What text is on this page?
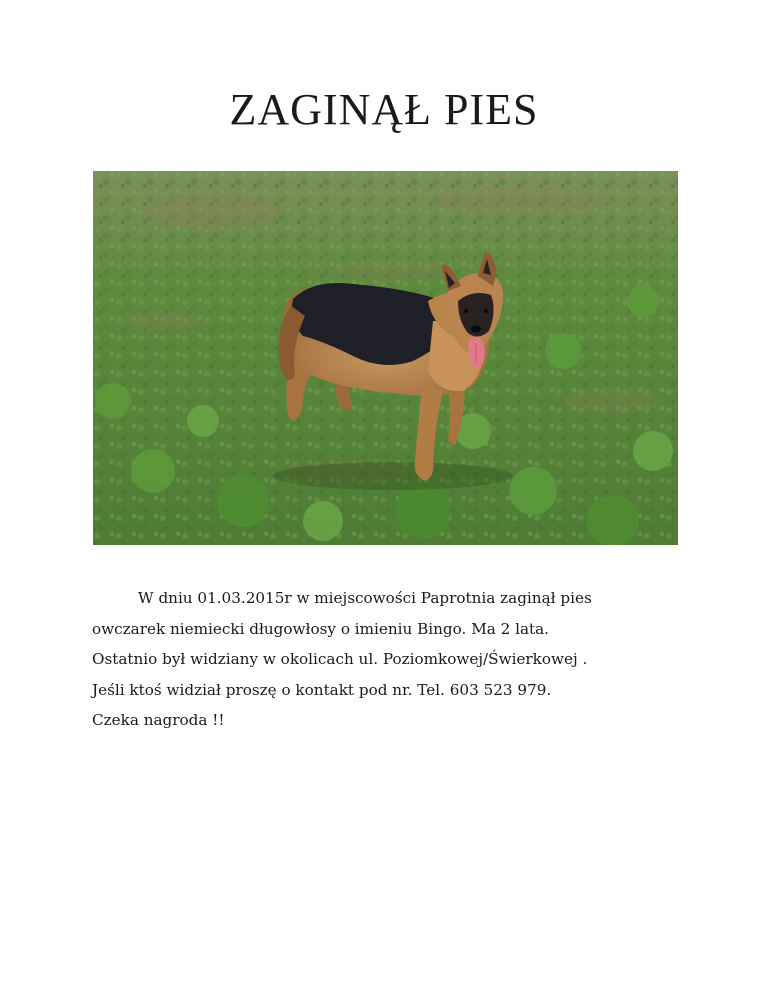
ZAGINĄŁ PIES
W dniu 01.03.2015r w miejscowości Paprotnia zaginął pies
owczarek niemiecki długowłosy o imieniu Bingo. Ma 2 lata.
Ostatnio był widziany w okolicach ul. Poziomkowej/Świerkowej .
Jeśli ktoś widział proszę o kontakt pod nr. Tel. 603 523 979.
Czeka nagroda !!
